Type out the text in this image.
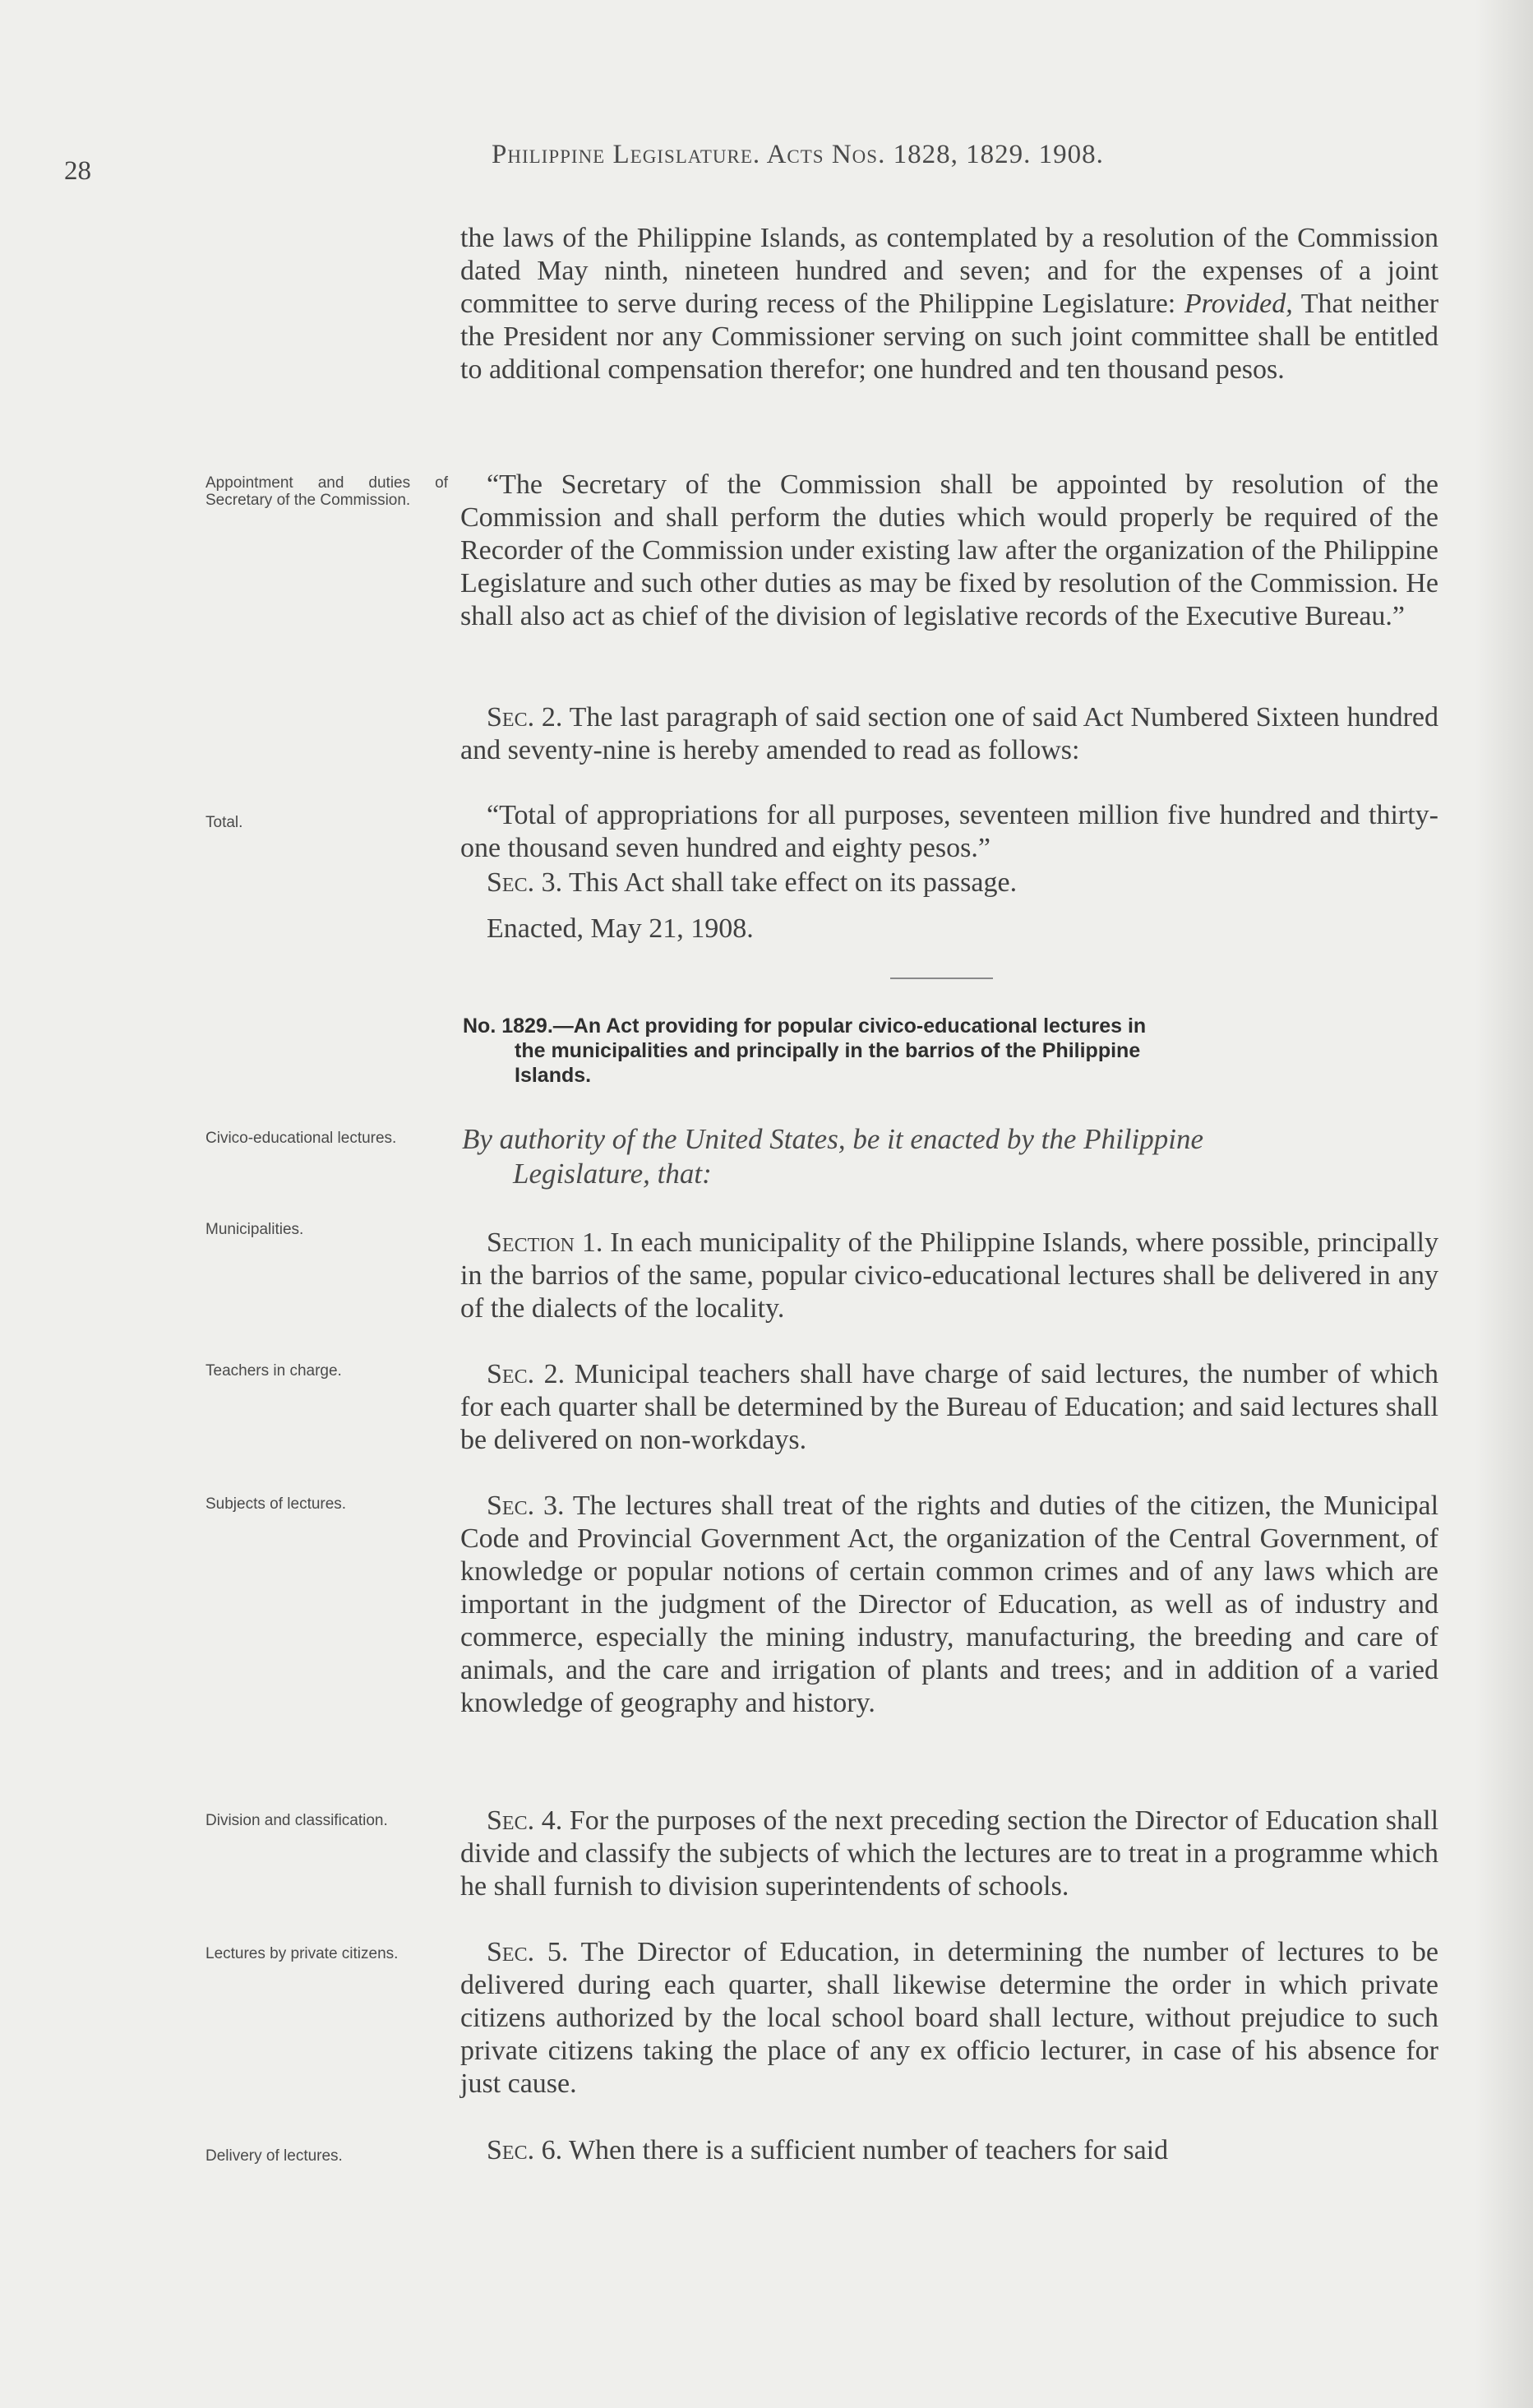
28
Philippine Legislature. Acts Nos. 1828, 1829. 1908.

the laws of the Philippine Islands, as contemplated by a resolution of the Commission dated May ninth, nineteen hundred and seven; and for the expenses of a joint committee to serve during recess of the Philippine Legislature: Provided, That neither the President nor any Commissioner serving on such joint committee shall be entitled to additional compensation therefor; one hundred and ten thousand pesos.

“The Secretary of the Commission shall be appointed by resolution of the Commission and shall perform the duties which would properly be required of the Recorder of the Commission under existing law after the organization of the Philippine Legislature and such other duties as may be fixed by resolution of the Commission. He shall also act as chief of the division of legislative records of the Executive Bureau.”
Sec. 2. The last paragraph of said section one of said Act Numbered Sixteen hundred and seventy-nine is hereby amended to read as follows:
“Total of appropriations for all purposes, seventeen million five hundred and thirty-one thousand seven hundred and eighty pesos.”
Sec. 3. This Act shall take effect on its passage.
Enacted, May 21, 1908.
No. 1829.—An Act providing for popular civico-educational lectures in
the municipalities and principally in the barrios of the Philippine
Islands.
By authority of the United States, be it enacted by the Philippine
Legislature, that:
Section 1. In each municipality of the Philippine Islands, where possible, principally in the barrios of the same, popular civico-educational lectures shall be delivered in any of the dialects of the locality.
Sec. 2. Municipal teachers shall have charge of said lectures, the number of which for each quarter shall be determined by the Bureau of Education; and said lectures shall be delivered on non-workdays.
Sec. 3. The lectures shall treat of the rights and duties of the citizen, the Municipal Code and Provincial Government Act, the organization of the Central Government, of knowledge or popular notions of certain common crimes and of any laws which are important in the judgment of the Director of Education, as well as of industry and commerce, especially the mining industry, manufacturing, the breeding and care of animals, and the care and irrigation of plants and trees; and in addition of a varied knowledge of geography and history.
Sec. 4. For the purposes of the next preceding section the Director of Education shall divide and classify the subjects of which the lectures are to treat in a programme which he shall furnish to division superintendents of schools.
Sec. 5. The Director of Education, in determining the number of lectures to be delivered during each quarter, shall likewise determine the order in which private citizens authorized by the local school board shall lecture, without prejudice to such private citizens taking the place of any ex officio lecturer, in case of his absence for just cause.
Sec. 6. When there is a sufficient number of teachers for said
Appointment and duties of Secretary of the Commission.
Total.
Civico-educational lectures.
Municipalities.
Teachers in charge.
Subjects of lectures.
Division and classification.
Lectures by private citizens.
Delivery of lectures.
